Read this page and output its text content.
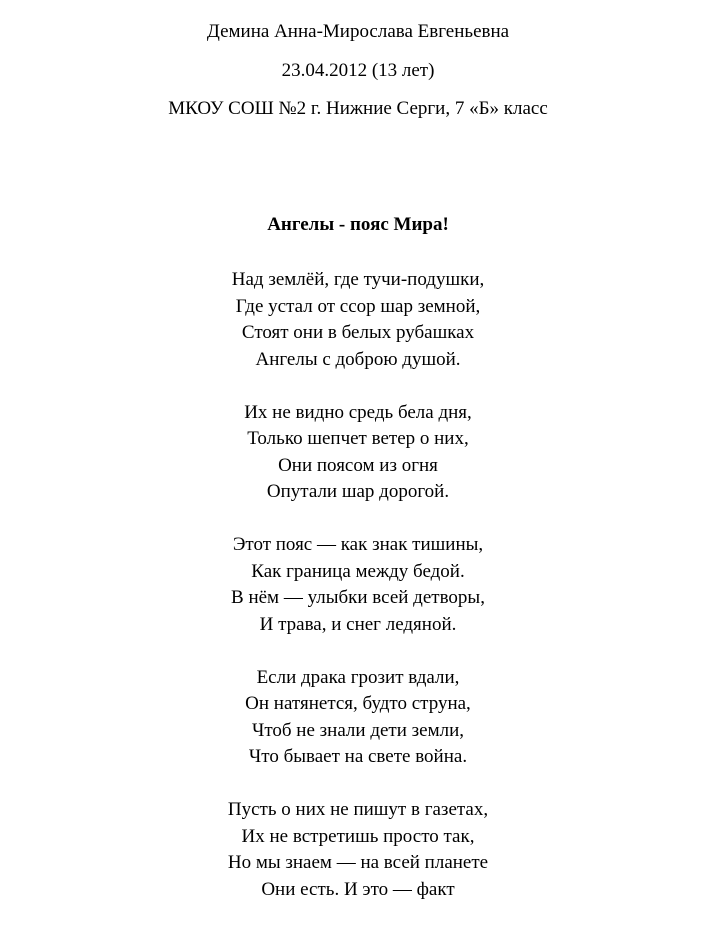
Демина Анна-Мирослава Евгеньевна
23.04.2012 (13 лет)
МКОУ СОШ №2 г. Нижние Серги, 7 «Б» класс
Ангелы - пояс Мира!
Над землёй, где тучи-подушки,
Где устал от ссор шар земной,
Стоят они в белых рубашках
Ангелы с доброю душой.
Их не видно средь бела дня,
Только шепчет ветер о них,
Они поясом из огня
Опутали шар дорогой.
Этот пояс — как знак тишины,
Как граница между бедой.
В нём — улыбки всей детворы,
И трава, и снег ледяной.
Если драка грозит вдали,
Он натянется, будто струна,
Чтоб не знали дети земли,
Что бывает на свете война.
Пусть о них не пишут в газетах,
Их не встретишь просто так,
Но мы знаем — на всей планете
Они есть. И это — факт
